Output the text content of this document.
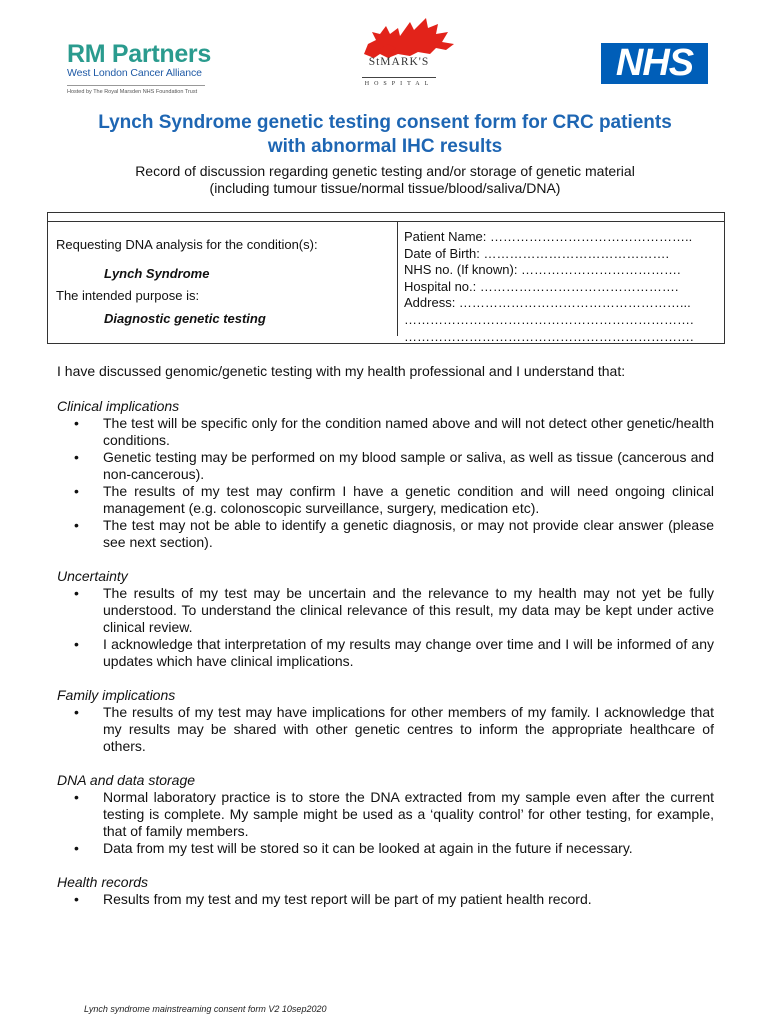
RM Partners
West London Cancer Alliance
Hosted by The Royal Marsden NHS Foundation Trust
StMARK'S
HOSPITAL	NHS
Lynch Syndrome genetic testing consent form for CRC patients
with abnormal IHC results
Record of discussion regarding genetic testing and/or storage of genetic material
(including tumour tissue/normal tissue/blood/saliva/DNA)
Requesting DNA analysis for the condition(s):
Lynch Syndrome
The intended purpose is:
Diagnostic genetic testing
Patient Name: ………………………………………..
Date of Birth: …………………………………….
NHS no. (If known): ……………………………….
Hospital no.: ……………………………………….
Address: ……………………………………………...
………………………………………………………….
………………………………………………………….

I have discussed genomic/genetic testing with my health professional and I understand that:

Clinical implications
• The test will be specific only for the condition named above and will not detect other genetic/health conditions.
• Genetic testing may be performed on my blood sample or saliva, as well as tissue (cancerous and non-cancerous).
• The results of my test may confirm I have a genetic condition and will need ongoing clinical management (e.g. colonoscopic surveillance, surgery, medication etc).
• The test may not be able to identify a genetic diagnosis, or may not provide clear answer (please see next section).
Uncertainty
• The results of my test may be uncertain and the relevance to my health may not yet be fully understood. To understand the clinical relevance of this result, my data may be kept under active clinical review.
• I acknowledge that interpretation of my results may change over time and I will be informed of any updates which have clinical implications.
Family implications
• The results of my test may have implications for other members of my family. I acknowledge that my results may be shared with other genetic centres to inform the appropriate healthcare of others.
DNA and data storage
• Normal laboratory practice is to store the DNA extracted from my sample even after the current testing is complete. My sample might be used as a ‘quality control’ for other testing, for example, that of family members.
• Data from my test will be stored so it can be looked at again in the future if necessary.
Health records
• Results from my test and my test report will be part of my patient health record.
Lynch syndrome mainstreaming consent form V2 10sep2020
